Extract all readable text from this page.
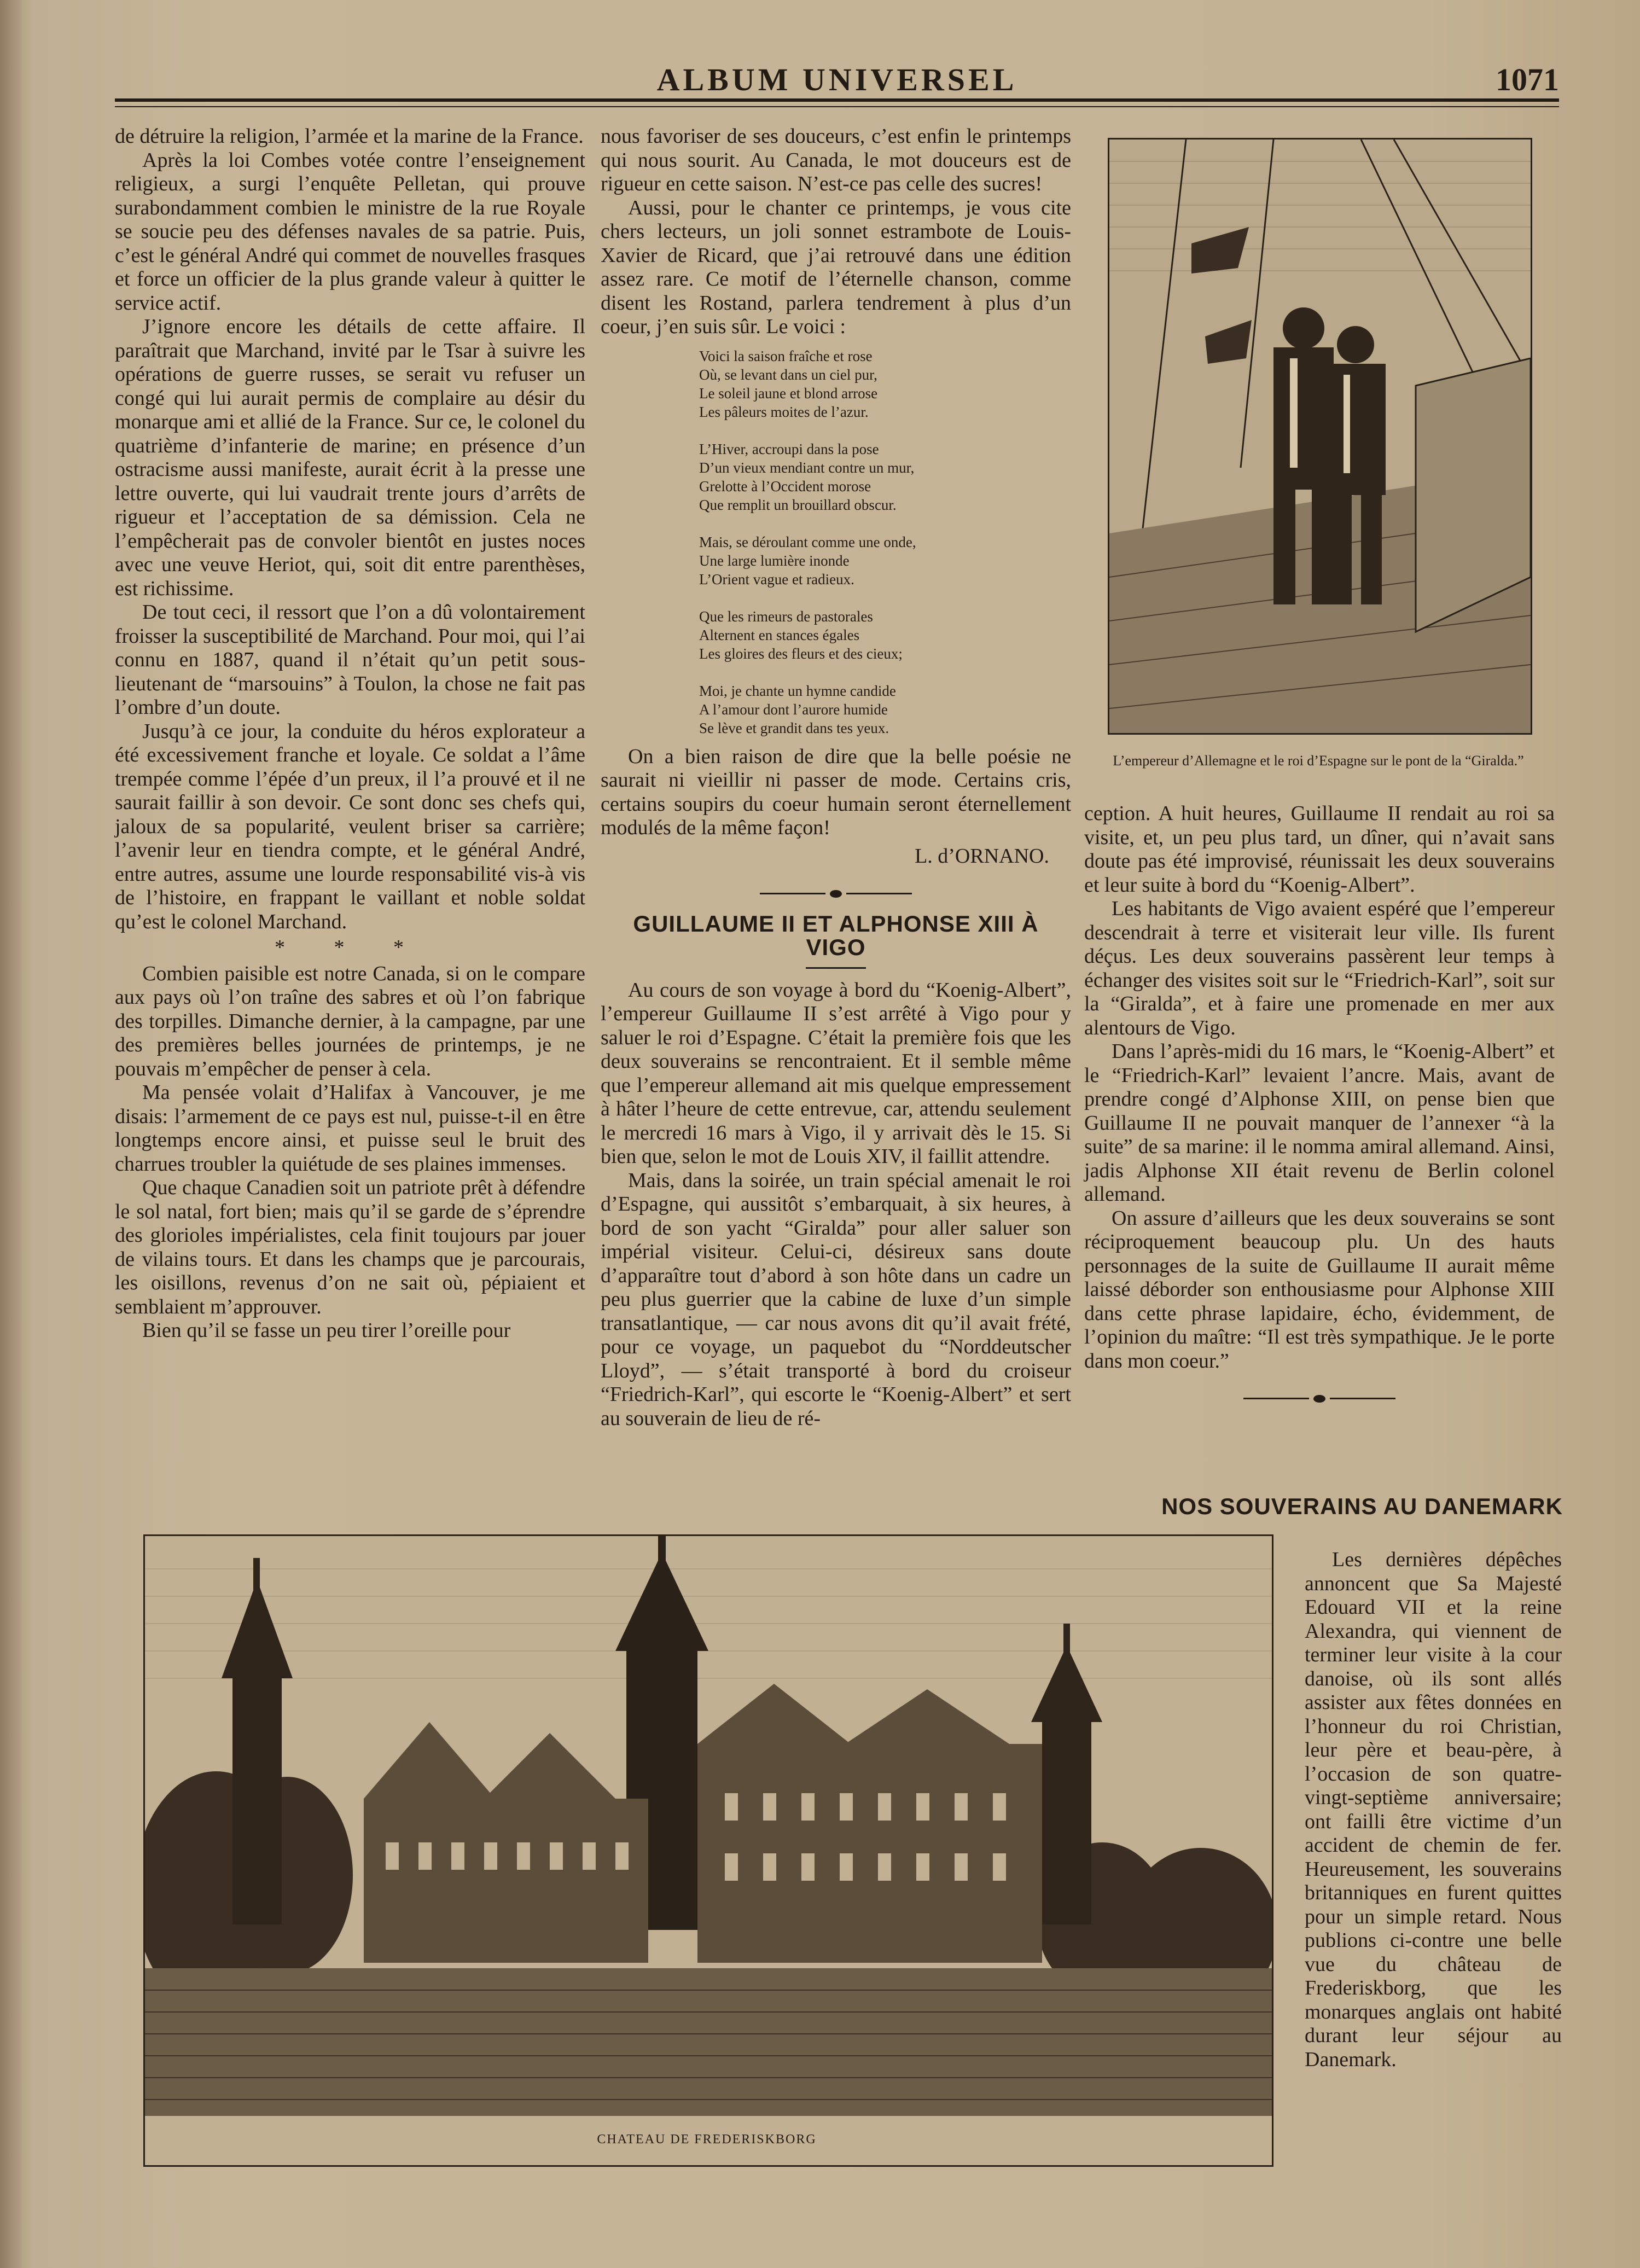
ALBUM UNIVERSEL	1071

de détruire la religion, l’armée et la marine de la France.

Après la loi Combes votée contre l’enseignement religieux, a surgi l’enquête Pelletan, qui prouve surabondamment combien le ministre de la rue Royale se soucie peu des défenses navales de sa patrie. Puis, c’est le général André qui commet de nouvelles frasques et force un officier de la plus grande valeur à quitter le service actif.

J’ignore encore les détails de cette affaire. Il paraîtrait que Marchand, invité par le Tsar à suivre les opérations de guerre russes, se serait vu refuser un congé qui lui aurait permis de complaire au désir du monarque ami et allié de la France. Sur ce, le colonel du quatrième d’infanterie de marine; en présence d’un ostracisme aussi manifeste, aurait écrit à la presse une lettre ouverte, qui lui vaudrait trente jours d’arrêts de rigueur et l’acceptation de sa démission. Cela ne l’empêcherait pas de convoler bientôt en justes noces avec une veuve Heriot, qui, soit dit entre parenthèses, est richissime.

De tout ceci, il ressort que l’on a dû volontairement froisser la susceptibilité de Marchand. Pour moi, qui l’ai connu en 1887, quand il n’était qu’un petit sous-lieutenant de “marsouins” à Toulon, la chose ne fait pas l’ombre d’un doute.

Jusqu’à ce jour, la conduite du héros explorateur a été excessivement franche et loyale. Ce soldat a l’âme trempée comme l’épée d’un preux, il l’a prouvé et il ne saurait faillir à son devoir. Ce sont donc ses chefs qui, jaloux de sa popularité, veulent briser sa carrière; l’avenir leur en tiendra compte, et le général André, entre autres, assume une lourde responsabilité vis-à vis de l’histoire, en frappant le vaillant et noble soldat qu’est le colonel Marchand.

* * *

Combien paisible est notre Canada, si on le compare aux pays où l’on traîne des sabres et où l’on fabrique des torpilles. Dimanche dernier, à la campagne, par une des premières belles journées de printemps, je ne pouvais m’empêcher de penser à cela.

Ma pensée volait d’Halifax à Vancouver, je me disais: l’armement de ce pays est nul, puisse-t-il en être longtemps encore ainsi, et puisse seul le bruit des charrues troubler la quiétude de ses plaines immenses.

Que chaque Canadien soit un patriote prêt à défendre le sol natal, fort bien; mais qu’il se garde de s’éprendre des glorioles impérialistes, cela finit toujours par jouer de vilains tours. Et dans les champs que je parcourais, les oisillons, revenus d’on ne sait où, pépiaient et semblaient m’approuver.

Bien qu’il se fasse un peu tirer l’oreille pour

nous favoriser de ses douceurs, c’est enfin le printemps qui nous sourit. Au Canada, le mot douceurs est de rigueur en cette saison. N’est-ce pas celle des sucres!

Aussi, pour le chanter ce printemps, je vous cite chers lecteurs, un joli sonnet estrambote de Louis-Xavier de Ricard, que j’ai retrouvé dans une édition assez rare. Ce motif de l’éternelle chanson, comme disent les Rostand, parlera tendrement à plus d’un coeur, j’en suis sûr. Le voici :

Voici la saison fraîche et rose
Où, se levant dans un ciel pur,
Le soleil jaune et blond arrose
Les pâleurs moites de l’azur.
L’Hiver, accroupi dans la pose
D’un vieux mendiant contre un mur,
Grelotte à l’Occident morose
Que remplit un brouillard obscur.
Mais, se déroulant comme une onde,
Une large lumière inonde
L’Orient vague et radieux.
Que les rimeurs de pastorales
Alternent en stances égales
Les gloires des fleurs et des cieux;
Moi, je chante un hymne candide
A l’amour dont l’aurore humide
Se lève et grandit dans tes yeux.

On a bien raison de dire que la belle poésie ne saurait ni vieillir ni passer de mode. Certains cris, certains soupirs du coeur humain seront éternellement modulés de la même façon!

L. d’ORNANO.
GUILLAUME II ET ALPHONSE XIII À VIGO

Au cours de son voyage à bord du “Koenig-Albert”, l’empereur Guillaume II s’est arrêté à Vigo pour y saluer le roi d’Espagne. C’était la première fois que les deux souverains se rencontraient. Et il semble même que l’empereur allemand ait mis quelque empressement à hâter l’heure de cette entrevue, car, attendu seulement le mercredi 16 mars à Vigo, il y arrivait dès le 15. Si bien que, selon le mot de Louis XIV, il faillit attendre.

Mais, dans la soirée, un train spécial amenait le roi d’Espagne, qui aussitôt s’embarquait, à six heures, à bord de son yacht “Giralda” pour aller saluer son impérial visiteur. Celui-ci, désireux sans doute d’apparaître tout d’abord à son hôte dans un cadre un peu plus guerrier que la cabine de luxe d’un simple transatlantique, — car nous avons dit qu’il avait frété, pour ce voyage, un paquebot du “Norddeutscher Lloyd”, — s’était transporté à bord du croiseur “Friedrich-Karl”, qui escorte le “Koenig-Albert” et sert au souverain de lieu de ré-

L’empereur d’Allemagne et le roi d’Espagne sur le pont de la “Giralda.”

ception. A huit heures, Guillaume II rendait au roi sa visite, et, un peu plus tard, un dîner, qui n’avait sans doute pas été improvisé, réunissait les deux souverains et leur suite à bord du “Koenig-Albert”.

Les habitants de Vigo avaient espéré que l’empereur descendrait à terre et visiterait leur ville. Ils furent déçus. Les deux souverains passèrent leur temps à échanger des visites soit sur le “Friedrich-Karl”, soit sur la “Giralda”, et à faire une promenade en mer aux alentours de Vigo.

Dans l’après-midi du 16 mars, le “Koenig-Albert” et le “Friedrich-Karl” levaient l’ancre. Mais, avant de prendre congé d’Alphonse XIII, on pense bien que Guillaume II ne pouvait manquer de l’annexer “à la suite” de sa marine: il le nomma amiral allemand. Ainsi, jadis Alphonse XII était revenu de Berlin colonel allemand.

On assure d’ailleurs que les deux souverains se sont réciproquement beaucoup plu. Un des hauts personnages de la suite de Guillaume II aurait même laissé déborder son enthousiasme pour Alphonse XIII dans cette phrase lapidaire, écho, évidemment, de l’opinion du maître: “Il est très sympathique. Je le porte dans mon coeur.”

NOS SOUVERAINS AU DANEMARK
CHATEAU DE FREDERISKBORG

Les dernières dépêches annoncent que Sa Majesté Edouard VII et la reine Alexandra, qui viennent de terminer leur visite à la cour danoise, où ils sont allés assister aux fêtes données en l’honneur du roi Christian, leur père et beau-père, à l’occasion de son quatre-vingt-septième anniversaire; ont failli être victime d’un accident de chemin de fer. Heureusement, les souverains britanniques en furent quittes pour un simple retard. Nous publions ci-contre une belle vue du château de Frederiskborg, que les monarques anglais ont habité durant leur séjour au Danemark.
